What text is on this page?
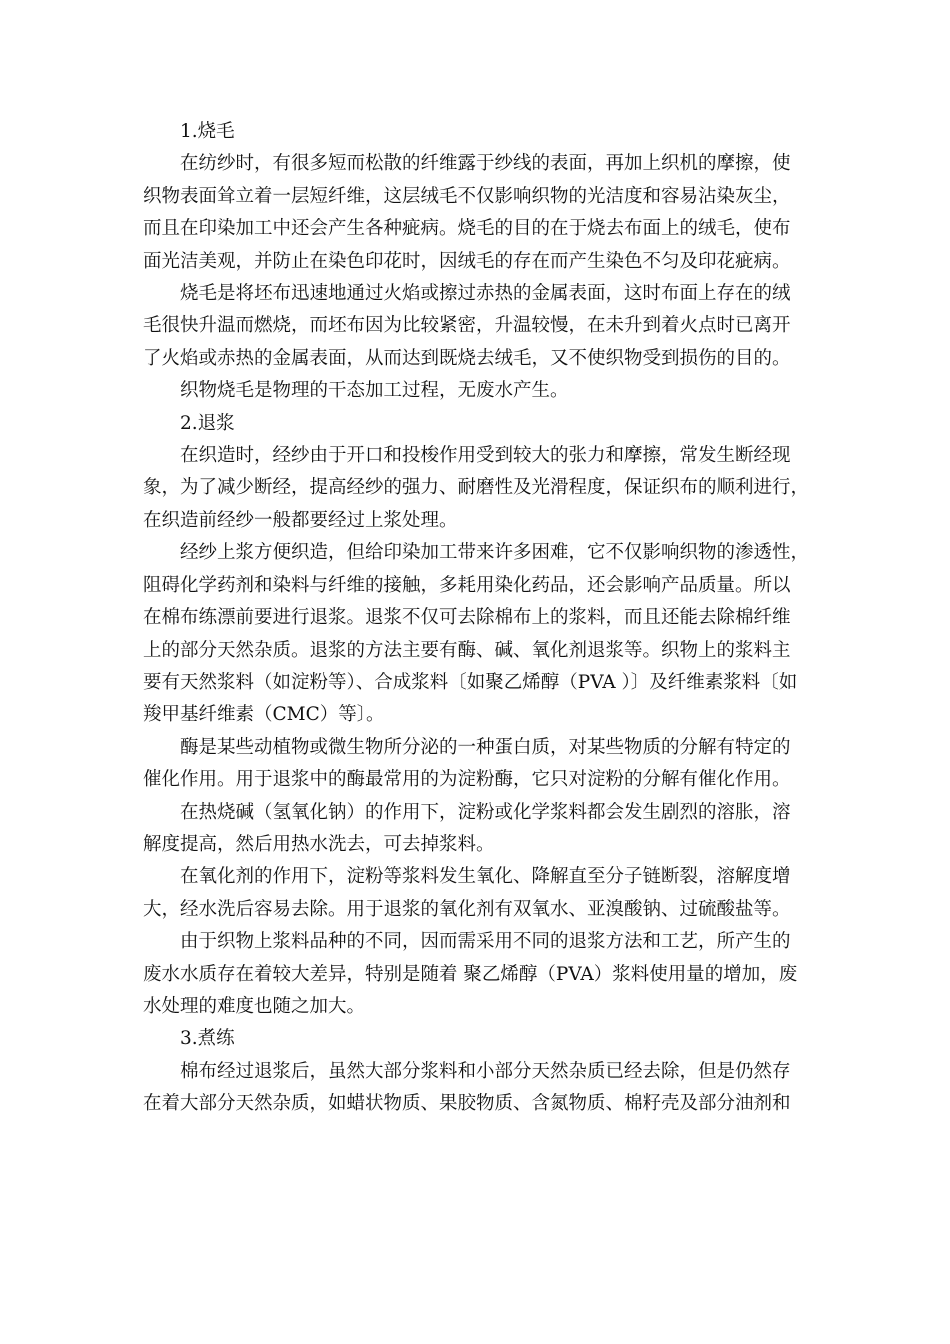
1.烧毛
在纺纱时，有很多短而松散的纤维露于纱线的表面，再加上织机的摩擦，使
织物表面耸立着一层短纤维，这层绒毛不仅影响织物的光洁度和容易沾染灰尘，
而且在印染加工中还会产生各种疵病。烧毛的目的在于烧去布面上的绒毛，使布
面光洁美观，并防止在染色印花时，因绒毛的存在而产生染色不匀及印花疵病。
烧毛是将坯布迅速地通过火焰或擦过赤热的金属表面，这时布面上存在的绒
毛很快升温而燃烧，而坯布因为比较紧密，升温较慢，在未升到着火点时已离开
了火焰或赤热的金属表面，从而达到既烧去绒毛，又不使织物受到损伤的目的。
织物烧毛是物理的干态加工过程，无废水产生。
2.退浆
在织造时，经纱由于开口和投梭作用受到较大的张力和摩擦，常发生断经现
象，为了减少断经，提高经纱的强力、耐磨性及光滑程度，保证织布的顺利进行，
在织造前经纱一般都要经过上浆处理。
经纱上浆方便织造，但给印染加工带来许多困难，它不仅影响织物的渗透性，
阻碍化学药剂和染料与纤维的接触，多耗用染化药品，还会影响产品质量。所以
在棉布练漂前要进行退浆。退浆不仅可去除棉布上的浆料，而且还能去除棉纤维
上的部分天然杂质。退浆的方法主要有酶、碱、氧化剂退浆等。织物上的浆料主
要有天然浆料（如淀粉等）、合成浆料〔如聚乙烯醇（PVA ）〕及纤维素浆料〔如
羧甲基纤维素（CMC）等〕。
酶是某些动植物或微生物所分泌的一种蛋白质，对某些物质的分解有特定的
催化作用。用于退浆中的酶最常用的为淀粉酶，它只对淀粉的分解有催化作用。
在热烧碱（氢氧化钠）的作用下，淀粉或化学浆料都会发生剧烈的溶胀，溶
解度提高，然后用热水洗去，可去掉浆料。
在氧化剂的作用下，淀粉等浆料发生氧化、降解直至分子链断裂，溶解度增
大，经水洗后容易去除。用于退浆的氧化剂有双氧水、亚溴酸钠、过硫酸盐等。
由于织物上浆料品种的不同，因而需采用不同的退浆方法和工艺，所产生的
废水水质存在着较大差异，特别是随着 聚乙烯醇（PVA）浆料使用量的增加，废
水处理的难度也随之加大。
3.煮练
棉布经过退浆后，虽然大部分浆料和小部分天然杂质已经去除，但是仍然存
在着大部分天然杂质，如蜡状物质、果胶物质、含氮物质、棉籽壳及部分油剂和
